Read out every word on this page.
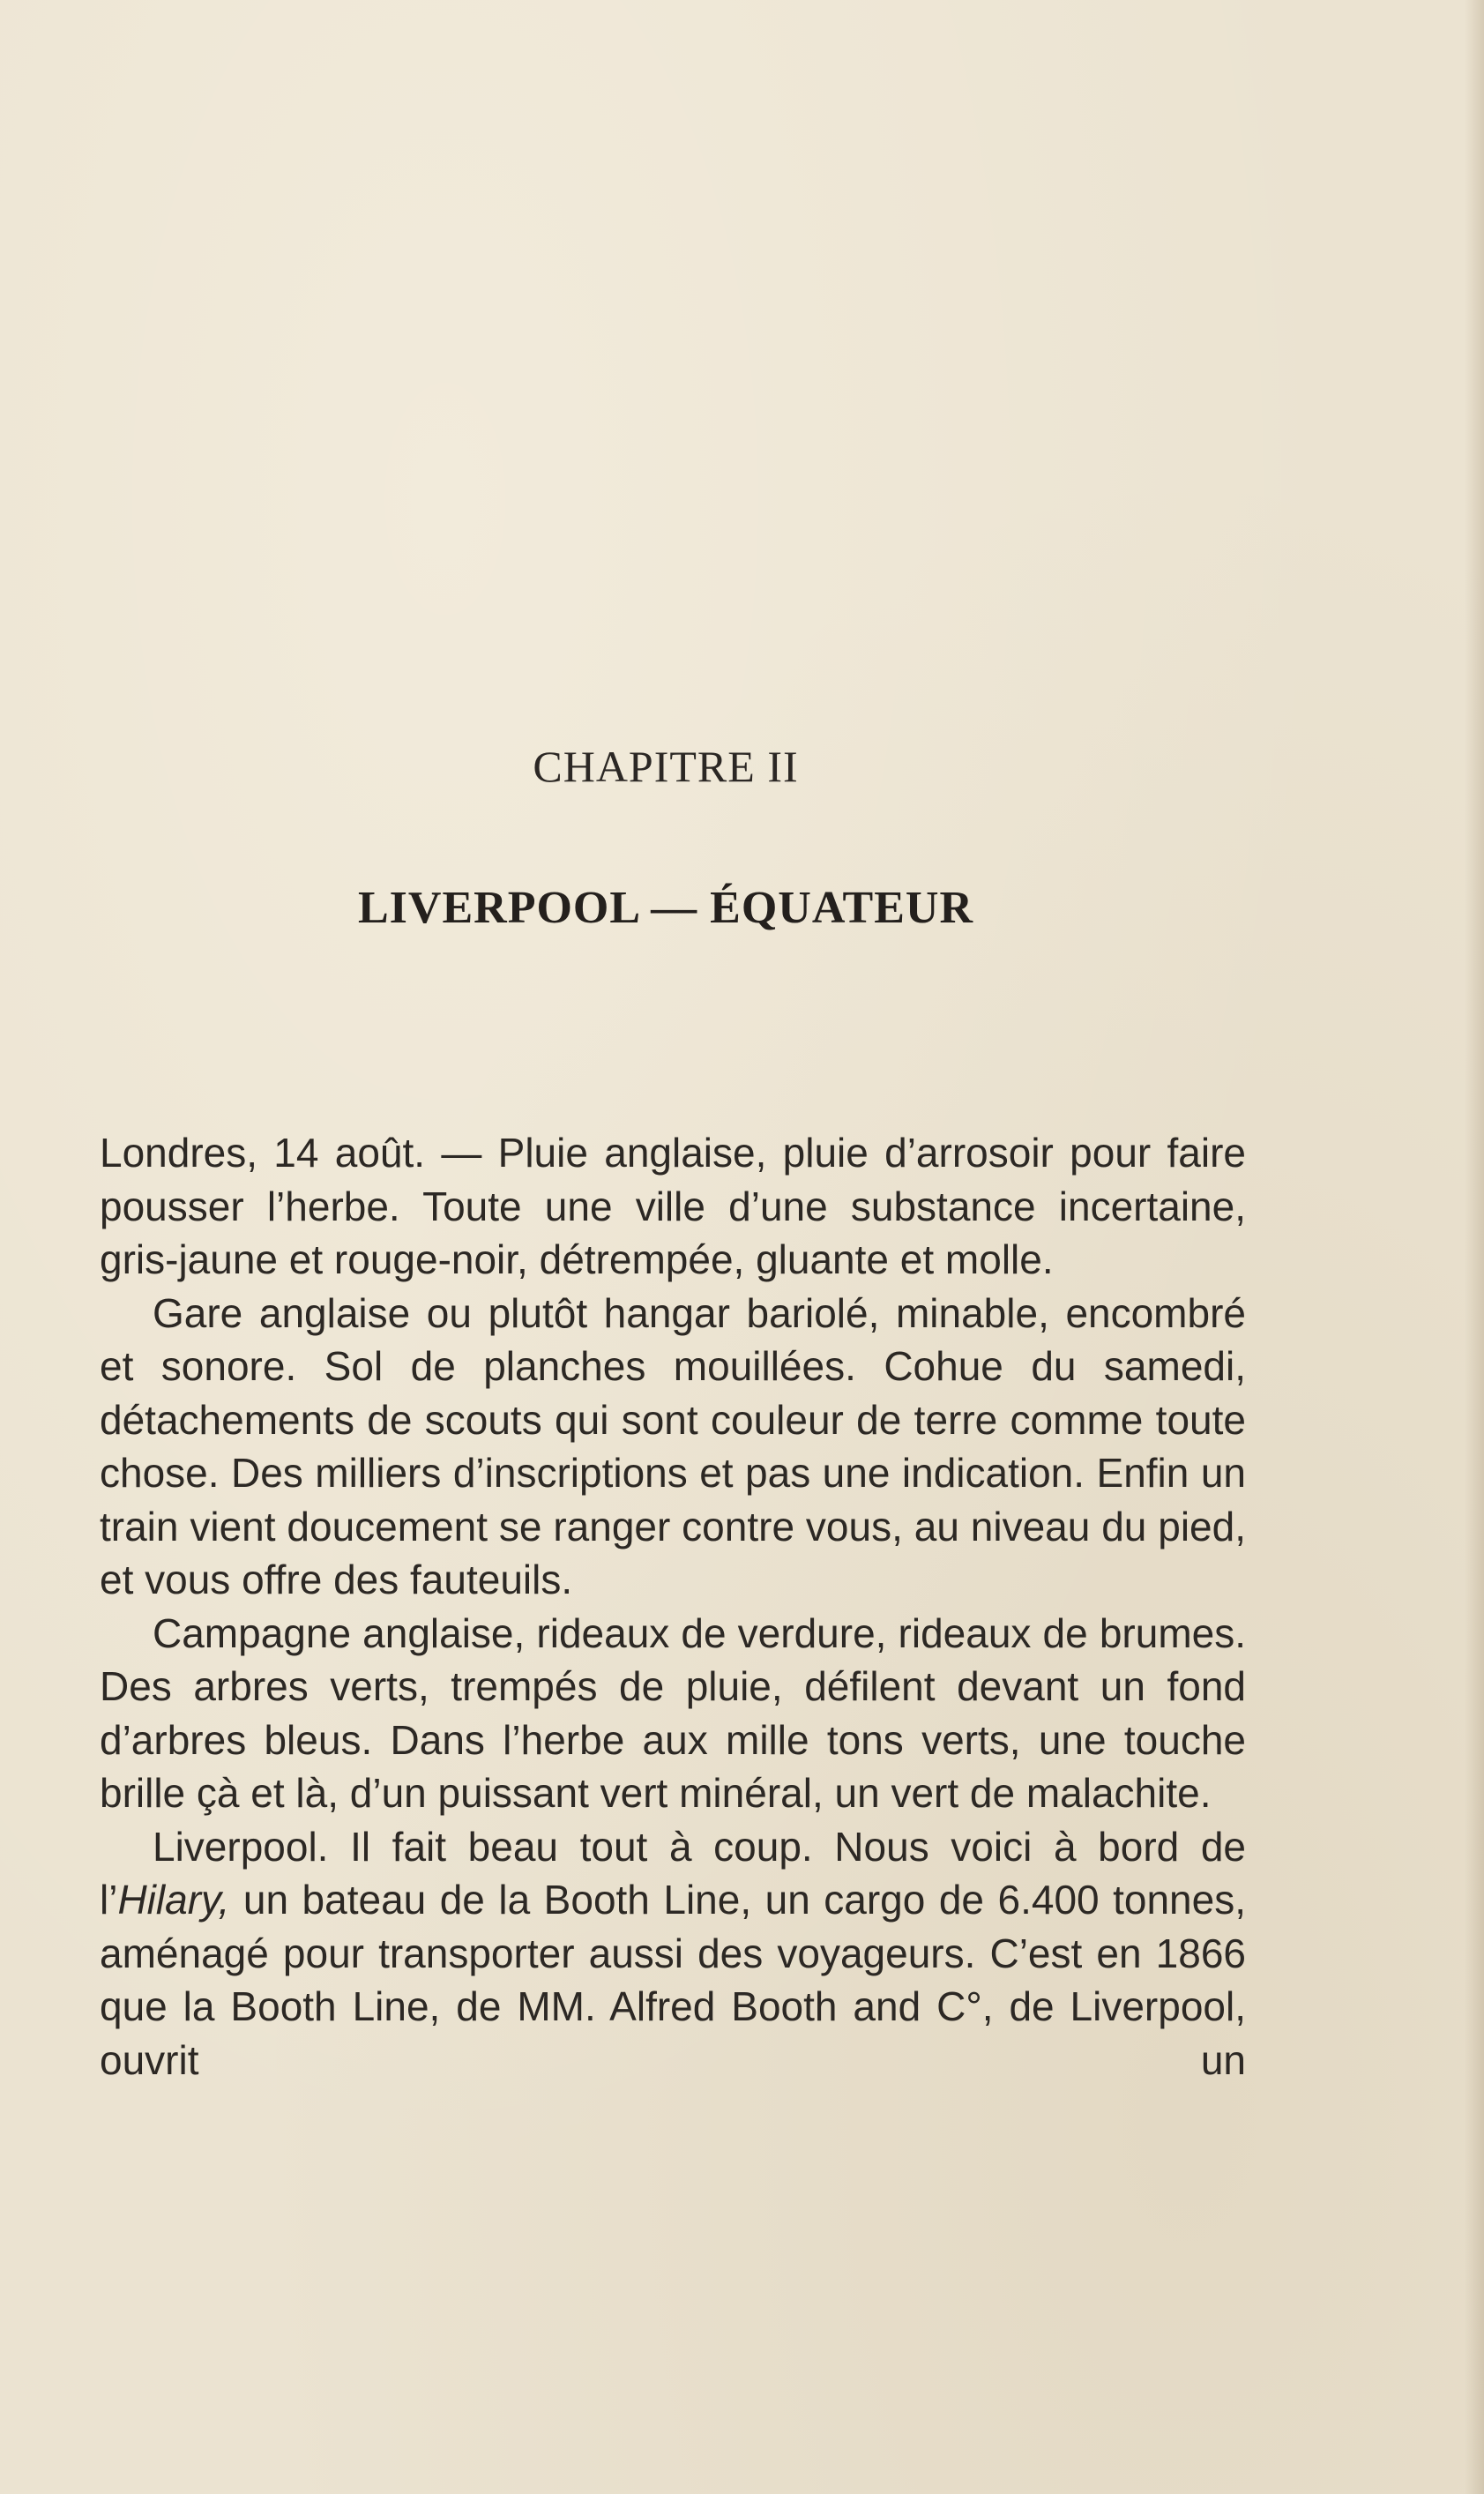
CHAPITRE II
LIVERPOOL — ÉQUATEUR

Londres, 14 août. — Pluie anglaise, pluie d’arrosoir pour faire pousser l’herbe. Toute une ville d’une substance incertaine, gris-jaune et rouge-noir, détrempée, gluante et molle.

Gare anglaise ou plutôt hangar bariolé, minable, encombré et sonore. Sol de planches mouillées. Cohue du samedi, détachements de scouts qui sont couleur de terre comme toute chose. Des milliers d’inscriptions et pas une indication. Enfin un train vient doucement se ranger contre vous, au niveau du pied, et vous offre des fauteuils.

Campagne anglaise, rideaux de verdure, rideaux de brumes. Des arbres verts, trempés de pluie, défilent devant un fond d’arbres bleus. Dans l’herbe aux mille tons verts, une touche brille çà et là, d’un puissant vert minéral, un vert de malachite.

Liverpool. Il fait beau tout à coup. Nous voici à bord de l’Hilary, un bateau de la Booth Line, un cargo de 6.400 tonnes, aménagé pour transporter aussi des voyageurs. C’est en 1866 que la Booth Line, de MM. Alfred Booth and C°, de Liverpool, ouvrit un
